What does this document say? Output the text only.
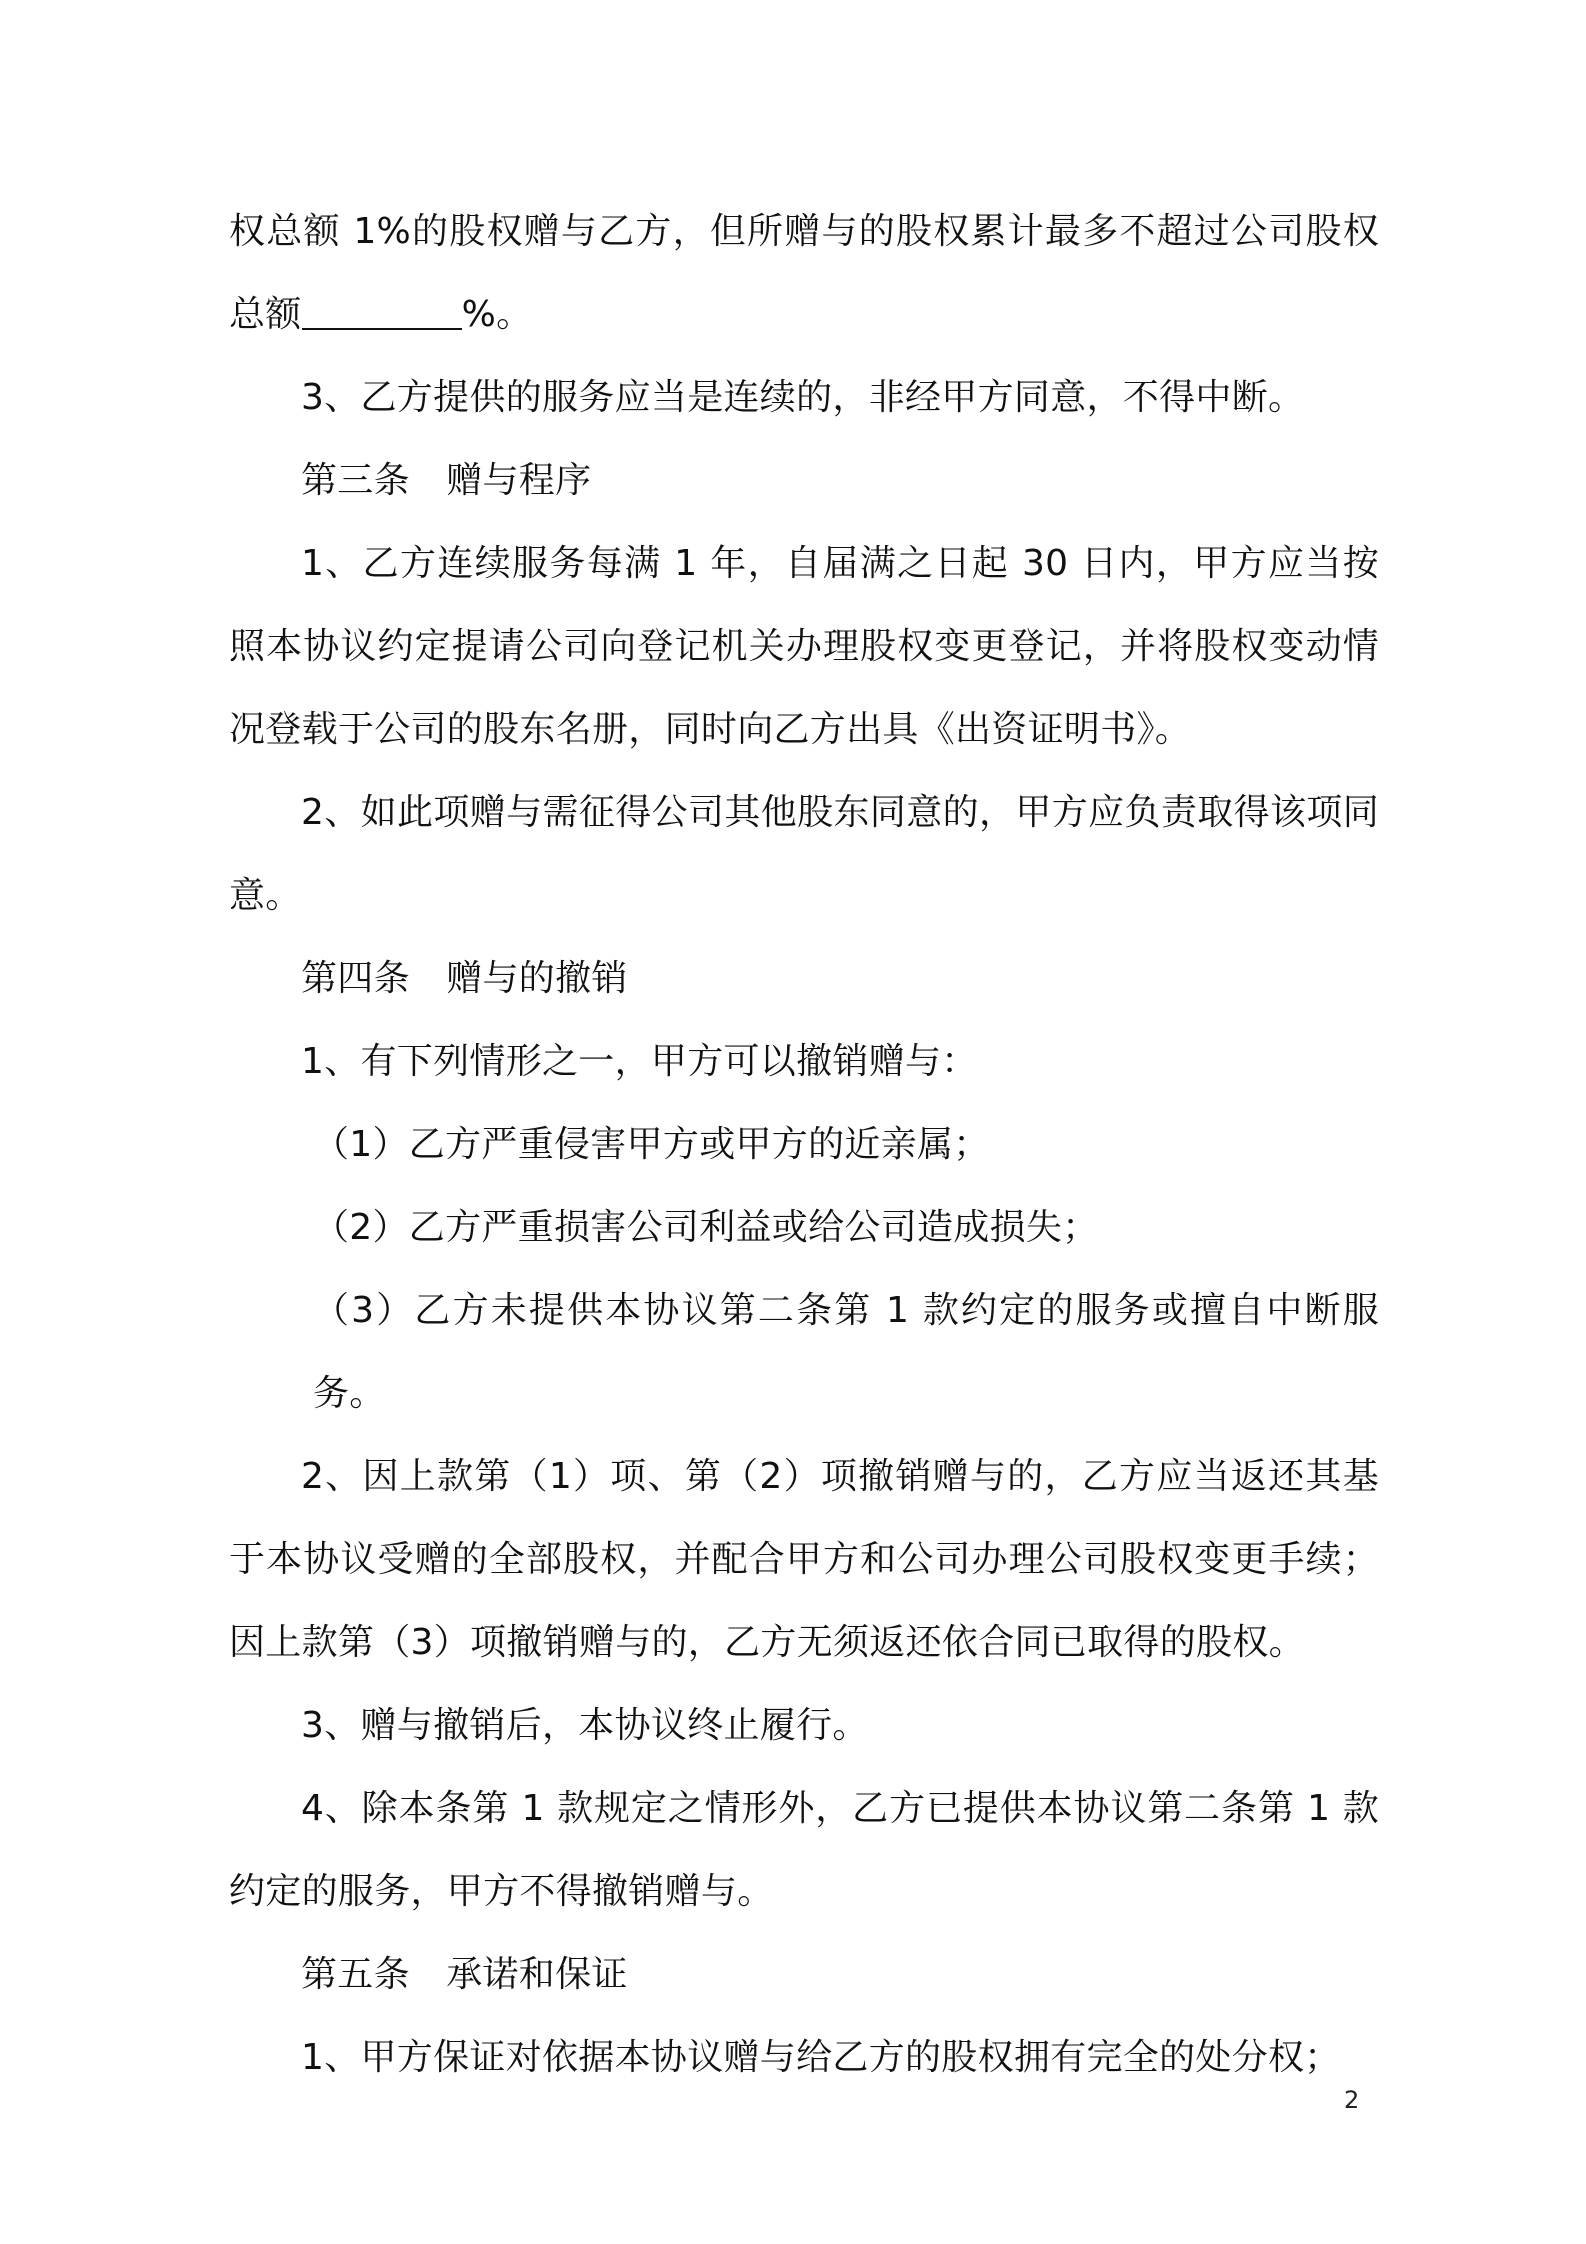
权总额 1%的股权赠与乙方，但所赠与的股权累计最多不超过公司股权总额	%。

3、乙方提供的服务应当是连续的，非经甲方同意，不得中断。

第三条　赠与程序

1、乙方连续服务每满 1 年，自届满之日起 30 日内，甲方应当按照本协议约定提请公司向登记机关办理股权变更登记，并将股权变动情况登载于公司的股东名册，同时向乙方出具《出资证明书》。

2、如此项赠与需征得公司其他股东同意的，甲方应负责取得该项同意。

第四条　赠与的撤销

1、有下列情形之一，甲方可以撤销赠与：

（1）乙方严重侵害甲方或甲方的近亲属；

（2）乙方严重损害公司利益或给公司造成损失；

（3）乙方未提供本协议第二条第 1 款约定的服务或擅自中断服务。

2、因上款第（1）项、第（2）项撤销赠与的，乙方应当返还其基于本协议受赠的全部股权，并配合甲方和公司办理公司股权变更手续；因上款第（3）项撤销赠与的，乙方无须返还依合同已取得的股权。

3、赠与撤销后，本协议终止履行。

4、除本条第 1 款规定之情形外，乙方已提供本协议第二条第 1 款约定的服务，甲方不得撤销赠与。

第五条　承诺和保证

1、甲方保证对依据本协议赠与给乙方的股权拥有完全的处分权；

2
